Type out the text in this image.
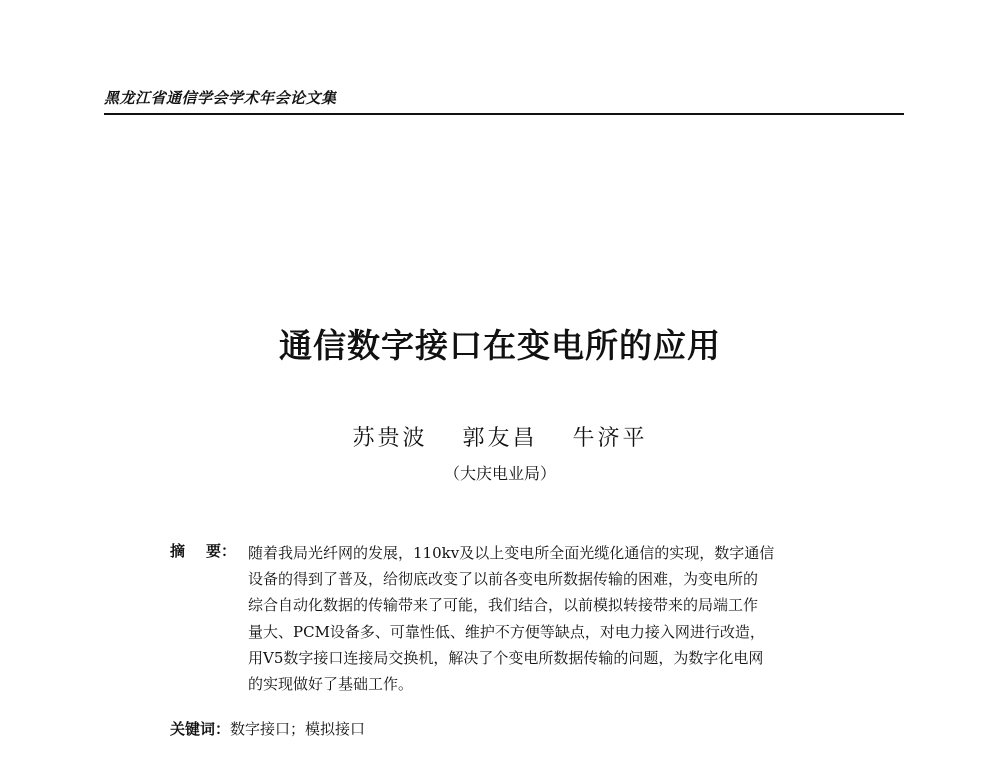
黑龙江省通信学会学术年会论文集
通信数字接口在变电所的应用
苏贵波 郭友昌 牛济平
（大庆电业局）
摘 要： 随着我局光纤网的发展，110kv及以上变电所全面光缆化通信的实现，数字通信
设备的得到了普及，给彻底改变了以前各变电所数据传输的困难，为变电所的
综合自动化数据的传输带来了可能，我们结合，以前模拟转接带来的局端工作
量大、PCM设备多、可靠性低、维护不方便等缺点，对电力接入网进行改造，
用V5数字接口连接局交换机，解决了个变电所数据传输的问题，为数字化电网
的实现做好了基础工作。
关键词：数字接口；模拟接口
